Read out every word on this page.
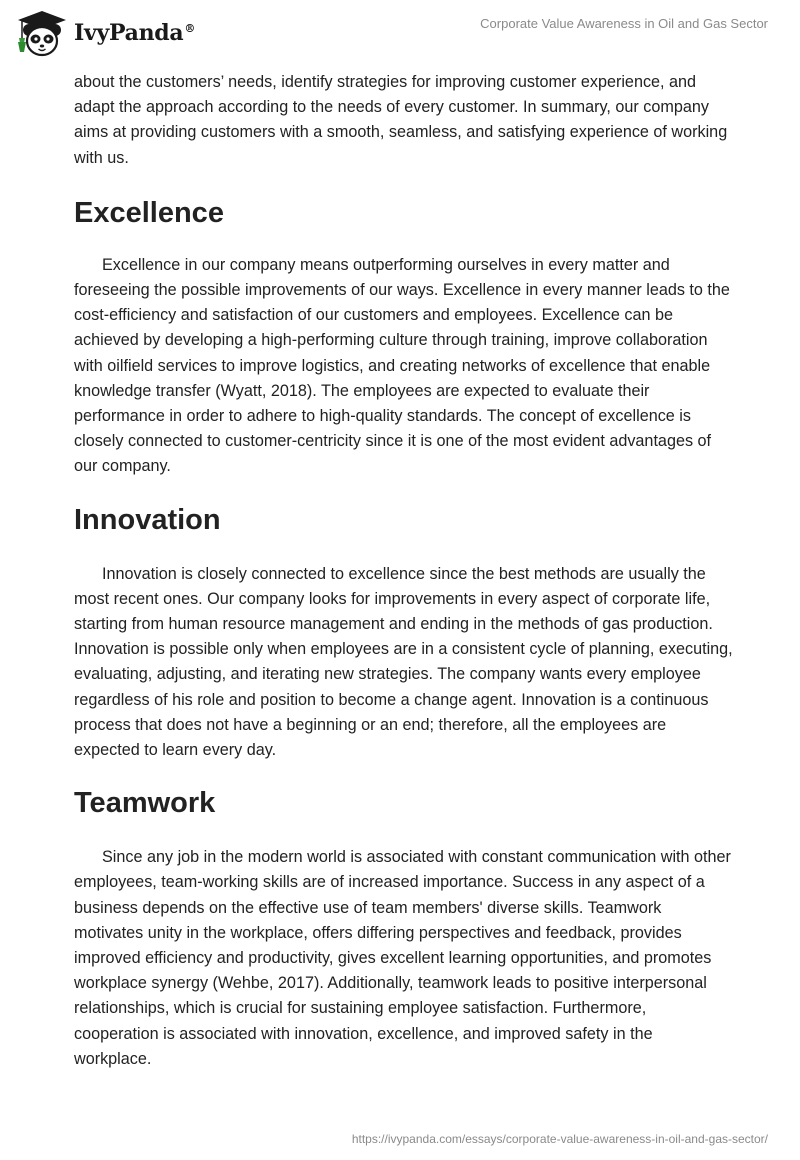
IvyPanda®	Corporate Value Awareness in Oil and Gas Sector

about the customers’ needs, identify strategies for improving customer experience, and adapt the approach according to the needs of every customer. In summary, our company aims at providing customers with a smooth, seamless, and satisfying experience of working with us.

Excellence

Excellence in our company means outperforming ourselves in every matter and foreseeing the possible improvements of our ways. Excellence in every manner leads to the cost-efficiency and satisfaction of our customers and employees. Excellence can be achieved by developing a high-performing culture through training, improve collaboration with oilfield services to improve logistics, and creating networks of excellence that enable knowledge transfer (Wyatt, 2018). The employees are expected to evaluate their performance in order to adhere to high-quality standards. The concept of excellence is closely connected to customer-centricity since it is one of the most evident advantages of our company.

Innovation

Innovation is closely connected to excellence since the best methods are usually the most recent ones. Our company looks for improvements in every aspect of corporate life, starting from human resource management and ending in the methods of gas production. Innovation is possible only when employees are in a consistent cycle of planning, executing, evaluating, adjusting, and iterating new strategies. The company wants every employee regardless of his role and position to become a change agent. Innovation is a continuous process that does not have a beginning or an end; therefore, all the employees are expected to learn every day.

Teamwork

Since any job in the modern world is associated with constant communication with other employees, team-working skills are of increased importance. Success in any aspect of a business depends on the effective use of team members' diverse skills. Teamwork motivates unity in the workplace, offers differing perspectives and feedback, provides improved efficiency and productivity, gives excellent learning opportunities, and promotes workplace synergy (Wehbe, 2017). Additionally, teamwork leads to positive interpersonal relationships, which is crucial for sustaining employee satisfaction. Furthermore, cooperation is associated with innovation, excellence, and improved safety in the workplace.

https://ivypanda.com/essays/corporate-value-awareness-in-oil-and-gas-sector/
